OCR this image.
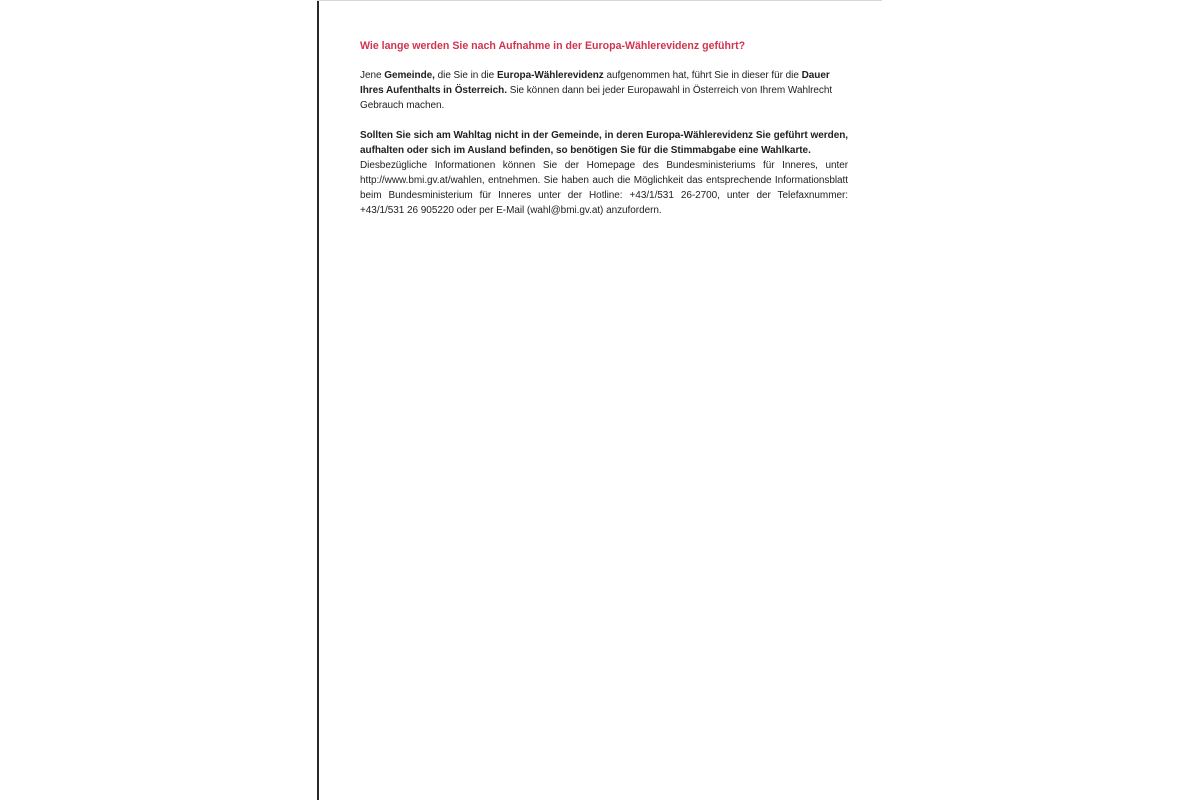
Wie lange werden Sie nach Aufnahme in der Europa-Wählerevidenz geführt?

Jene Gemeinde, die Sie in die Europa-Wählerevidenz aufgenommen hat, führt Sie in dieser für die Dauer Ihres Aufenthalts in Österreich. Sie können dann bei jeder Europawahl in Österreich von Ihrem Wahlrecht Gebrauch machen.

Sollten Sie sich am Wahltag nicht in der Gemeinde, in deren Europa-Wählerevidenz Sie geführt werden, aufhalten oder sich im Ausland befinden, so benötigen Sie für die Stimmabgabe eine Wahlkarte.
Diesbezügliche Informationen können Sie der Homepage des Bundesministeriums für Inneres, unter http://www.bmi.gv.at/wahlen, entnehmen. Sie haben auch die Möglichkeit das entsprechende Informationsblatt beim Bundesministerium für Inneres unter der Hotline: +43/1/531 26-2700, unter der Telefaxnummer: +43/1/531 26 905220 oder per E-Mail (wahl@bmi.gv.at) anzufordern.
